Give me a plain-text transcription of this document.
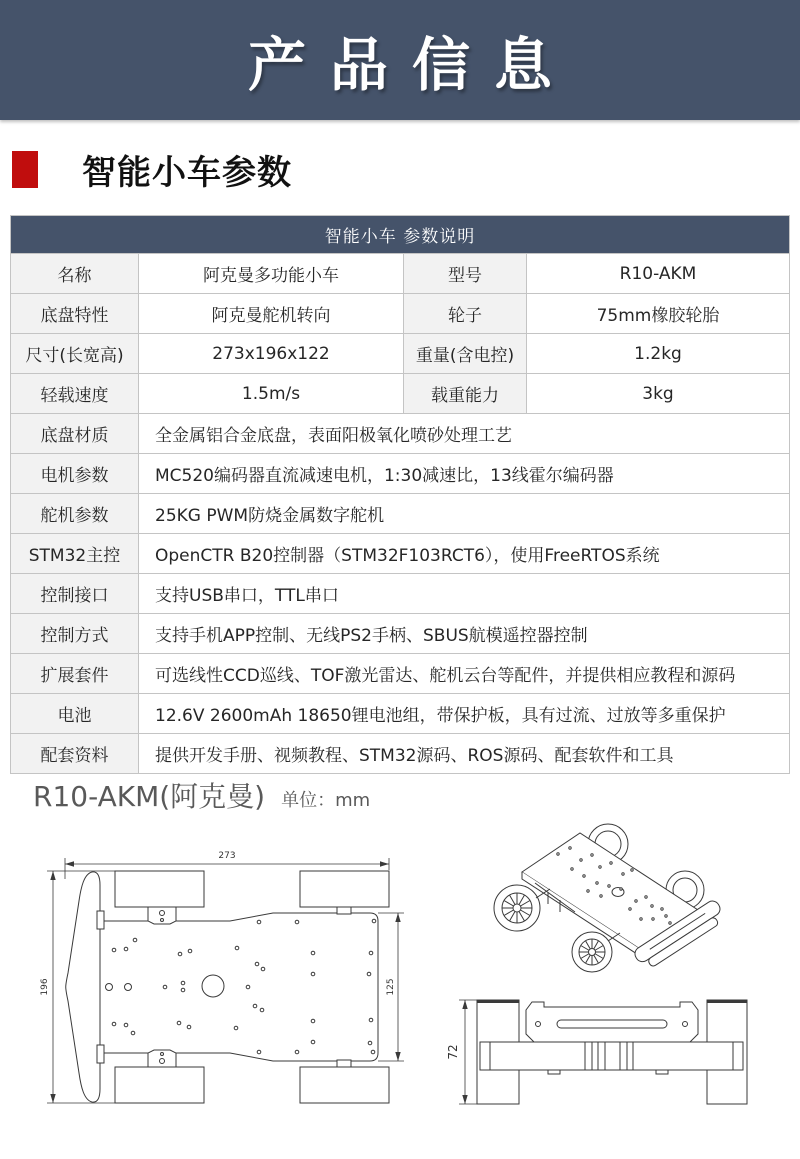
产品信息
智能小车参数
智能小车 参数说明
名称	阿克曼多功能小车	型号	R10-AKM
底盘特性	阿克曼舵机转向	轮子	75mm橡胶轮胎
尺寸(长宽高)	273x196x122	重量(含电控)	1.2kg
轻载速度	1.5m/s	载重能力	3kg
底盘材质	全金属铝合金底盘，表面阳极氧化喷砂处理工艺
电机参数	MC520编码器直流减速电机，1:30减速比，13线霍尔编码器
舵机参数	25KG PWM防烧金属数字舵机
STM32主控	OpenCTR B20控制器（STM32F103RCT6），使用FreeRTOS系统
控制接口	支持USB串口，TTL串口
控制方式	支持手机APP控制、无线PS2手柄、SBUS航模遥控器控制
扩展套件	可选线性CCD巡线、TOF激光雷达、舵机云台等配件，并提供相应教程和源码
电池	12.6V 2600mAh 18650锂电池组，带保护板，具有过流、过放等多重保护
配套资料	提供开发手册、视频教程、STM32源码、ROS源码、配套软件和工具
R10-AKM(阿克曼) 单位：mm
273
196	125
72
